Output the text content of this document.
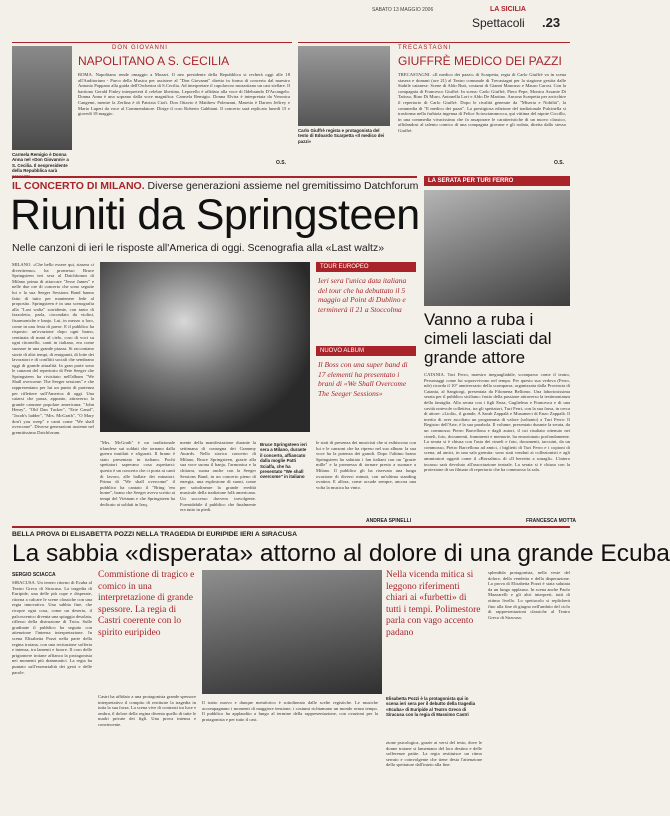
SABATO 13 MAGGIO 2006	LA SICILIA
Spettacoli .23
Carmela Remigio è Donna Anna nel «Don Giovanni» a S. Cecilia. Il neopresidente della Repubblica sarà
DON GIOVANNI
NAPOLITANO A S. CECILIA
ROMA. Napolitano rende omaggio a Mozart. Il neo presidente della Repubblica si recherà oggi alle 18 all'Auditorium - Parco della Musica per assistere al "Don Giovanni" diretto in forma di concerto dal maestro Antonio Pappano alla guida dell'Orchestra di S.Cecilia. Ad interpretare il capolavoro mozartiano un cast stellare. Il baritono Gerald Finley interpreterà il celebre libertino, Leporello è affidato alla voce di Ildebrando D'Arcangelo. Donna Anna è una soprano dalla voce magnifica: Carmela Remigio. Donna Elvira è interpretata da Veronica Cangemi, mentre la Zerlina è di Patrizia Ciofi. Don Ottavio è Matthew Polenzani, Masetto è Darren Jeffrey e Mario Luperi da voce al Commendatore. Dirige il coro Roberto Gabbiani. Il concerto sarà replicato lunedì 15 e giovedì 18 maggio.
O.S.
TRECASTAGNI
GIUFFRÈ MEDICO DEI PAZZI
Carlo Giuffrè regista e protagonista del testo di Edoardo Scarpetta «Il medico dei pazzi»
TRECASTAGNI. «Il medico dei pazzi» di Scarpetta, regia di Carlo Giuffrè va in scena stasera e domani (ore 21) al Teatro comunale di Trecastagni per la stagione gestita dalle Stabile catanese. Scene di Aldo Buti, costumi di Gianni Mancuso e Mauro Carosi. Con la compagnia di Francesco Giuffrè. In scena: Carlo Giuffrè, Piero Pepe, Monica Assante Di Tatisso, Rino Di Muro, Antonella Lori e Aldo De Martino. Ancona Scarpetta per arricchire il repertorio di Carlo Giuffrè. Dopo le rivalità generate da "Miseria e Nobiltà", la commedia di "Il medico dei pazzi". La prestigiosa edizione del tradizionale Pulcinella si trasforma nella furbizia ingenua di Felice Sciosciammocca, qui vittima del nipote Ciccillo, in una commedia vivacissima che fa assaporare le caratteristiche di un nuovo classico, affidandosi al talento comico di una compagnia giovane e gli rodata, diretta dallo stesso Giuffrè.
O.S.
IL CONCERTO DI MILANO. Diverse generazioni assieme nel gremitissimo Datchforum
Riuniti da Springsteen
Nelle canzoni di ieri le risposte all'America di oggi. Scenografia alla «Last waltz»
MILANO. «Che bello essere qui, stasera ci divertiremo» ha promesso Bruce Springsteen ieri sera al Datchforum di Milano prima di attaccare "Jesse James" e nelle due ore di concerto che sono seguite lui e la sua Seeger Sessions Band hanno fatto di tutto per mantenere fede al proposito. Springsteen è in una scenografia alla "Last waltz" sorridente, con tanto di fazzoletto, parla, circondato da violini, fisarmoniche e banjo. Lui, in mezzo a loro, come in una festa di paese. E il pubblico ha risposto: un'ovazione dopo ogni brano, centinaia di mani al cielo, coro di voci su ogni ritornello, canti in italiano, era come suonare in una grande piazza. Si raccontano storie di altri tempi, di emigranti, di lotte dei lavoratori e di conflitti sociali che sembrano oggi di grande attualità. In gran parte sono le canzoni del repertorio di Pete Seeger che Springsteen ha rivisitato nell'album "We Shall overcome: The Seeger sessions" e che rappresentano per lui un punto di partenza per riflettere sull'America di oggi. Una catarsi che passa, appunto, attraverso la grande canzone popolare americana: "John Henry", "Old Dan Tucker", "Erie Canal", "Jacob's ladder", "Mrs. McGrath", "O Mary don't you weep" e canti come "We shall overcome". Diverse generazioni assieme nel gremitissimo Datchforum.
Bruce Springsteen ieri sera a Milano, durante il concerto, affiancato dalla moglie Patti Scialfa, che ha presentato "We shall overcome" in italiano
"Mrs. McGrath" è un tradizionale irlandese sui soldati che tornano dalla guerra mutilati e sfigurati. Il brano è stato presentato in italiano. Pochi spettatori sapevano cosa aspettarsi: questo è un concerto che ci porta ai canti di lavoro, alle ballate dei minatori. Prima di "We shall overcome" il pubblico ha cantato il "Bring 'em home", brano che Seeger aveva scritto ai tempi del Vietnam e che Springsteen ha dedicato ai soldati in Iraq.
mente della manifestazione durante la settimana di consegna dei Grammy Awards. Nello storico concerto di Milano, Bruce Springsteen, grazie alla sua voce suona il banjo, l'armonica e la chitarra, suona anche con la Seeger Sessions Band, in un concerto pieno di energia, una esplosione di suoni, come per sottolineare la grande eredità musicale della tradizione folk americana. Un successo davvero travolgente. Formidabile il pubblico che finalmente era tutto in piedi.
TOUR EUROPEO
Ieri sera l'unica data italiana del tour che ha debuttato il 5 maggio al Point di Dublino e terminerà il 21 a Stoccolma
NUOVO ALBUM
Il Boss con una super band di 17 elementi ha presentato i brani di «We Shall Overcome The Seeger Sessions»
le stati di presenza dei musicisti che si esibiscono con lui e le canzoni che ha ripreso nel suo album: la sua voce ha la potenza dei grandi. Dopo l'ultimo brano Springsteen ha salutato i fan italiani con un "grazie mille" e la promessa di tornare presto a suonare a Milano. Il pubblico gli ha riservato una lunga ovazione di diversi minuti, con un'ultima standing ovation. E allora, come accade sempre, ancora una volta la musica ha vinto.
ANDREA SPINELLI
LA SERATA PER TURI FERRO
Vanno a ruba i cimeli lasciati dal grande attore
CATANIA. Turi Ferro, maestro ineguagliabile, scomparso come il teatro, Personaggi come lui sopravvivono nel tempo. Per questo sua vedova (Ferro, ndr) ricorda il 10° anniversario della scomparsa, organizzata dalla Provincia di Catania, al Sangiorgi, presentata da Filomena Bellomo. Una laboriosissima serata per il pubblico siciliano: frutto della passione attraverso la testimonianza della famiglia. Alla serata con i figli Enza, Guglielmo e Francesca e di una cavità notevole collettiva, tra gli spettatori, Turi Ferri, con la sua farsa, in cerca di attore: «Liolà», il grande, A Sarah Zappalà e Musumeci di Enzo Zappalà. Il merito di aver ascoltato un programma di valore (soltanto) a Turi Ferro: Il Registro dell'Arte, è la sua parabola. Il volume, presentato durante la serata, da un commosso Pietro Barcellona e dagli autori, il cui risultato ottenuto nei cimeli, foto, documenti, frammenti e memorie, ha emozionato profondamente. La serata si è chiusa con l'asta dei cimeli e foto, documenti, taccuini, da un commosso, Pietro Barcellona ad amici, i biglietti di Turi Ferro e i copioni di scena, ad amici, in una sala gremita: sono stati venduti ai collezionisti e agli ammiratori oggetti come il «Borsalino» di «Il berretto a sonagli». L'intero incasso sarà devoluto all'associazione teatrale. La serata si è chiusa con la proiezione di un filmato di repertorio che ha commosso la sala.
FRANCESCA MOTTA
BELLA PROVA DI ELISABETTA POZZI NELLA TRAGEDIA DI EURIPIDE IERI A SIRACUSA
La sabbia «disperata» attorno al dolore di una grande Ecuba
SERGIO SCIACCA
SIRACUSA. Un tenero ritorno di Ecuba al Teatro Greco di Siracusa. La tragedia di Euripide, una delle più cupe e disperate, ritorna a calcare le scene classiche con una regia innovativa. Una sabbia fine, che ricopre ogni cosa, come un deserto, il palcoscenico diventa una spiaggia desolata, riflesso della distruzione di Troia. Sulle gradinate il pubblico ha seguito con attenzione l'intensa interpretazione. In scena Elisabetta Pozzi nella parte della regina troiana, con una recitazione sofferta e intensa, tra lamenti e furore. Il coro delle prigioniere troiane affianca la protagonista nei momenti più drammatici. La regia ha puntato sull'essenzialità dei gesti e delle parole.
Commistione di tragico e comico in una interpretazione di grande spessore. La regia di Castri coerente con lo spirito euripideo
Castri ha affidato a una protagonista grande spessore interpretativo il compito di restituire la tragedia in tutta la sua forza. La scena vive di contrasti tra luce e ombra, il dolore della regina diventa quello di tutte le madri private dei figli. Una prova intensa e convincente.
Il tratto nuovo e dunque metaforico è sottolineato dalle scelte registiche. Le musiche accompagnano i momenti di maggiore tensione, i costumi richiamano un mondo senza tempo. Il pubblico ha applaudito a lungo al termine della rappresentazione, con ovazioni per la protagonista e per tutto il cast.
Nella vicenda mitica si leggono riferimenti chiari ai «furbetti» di tutti i tempi. Polimestore parla con vago accento padano
Elisabetta Pozzi è la protagonista qui in scena ieri sera per il debutto della tragedia «Ecuba» di Euripide al Teatro Greco di Siracusa con la regia di Massimo Castri
zione psicologica, grazie ai versi del testo, dove le donne troiane si lamentano del loro destino e delle sofferenze patite. La regia restituisce un ritmo serrato e coinvolgente che tiene desta l'attenzione dello spettatore dall'inizio alla fine.
splendida protagonista, nella veste del dolore, della vendetta e della disperazione. La prova di Elisabetta Pozzi è stata salutata da un lungo applauso. In scena anche Paolo Mazzarelli e gli altri interpreti, tutti di ottimo livello. Lo spettacolo si replicherà fino alla fine di giugno nell'ambito del ciclo di rappresentazioni classiche al Teatro Greco di Siracusa.
